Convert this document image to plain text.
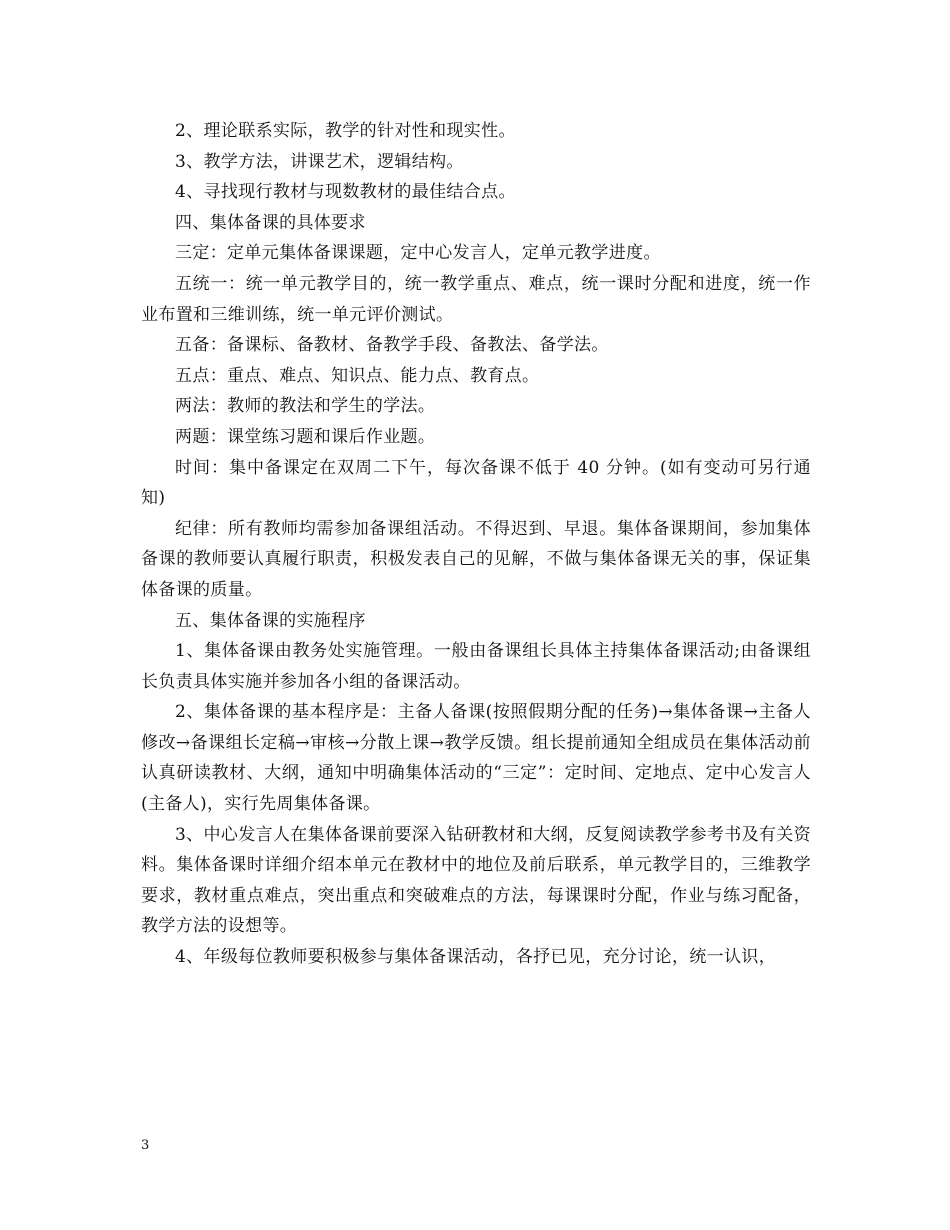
2、理论联系实际，教学的针对性和现实性。

3、教学方法，讲课艺术，逻辑结构。

4、寻找现行教材与现数教材的最佳结合点。

四、集体备课的具体要求

三定：定单元集体备课课题，定中心发言人，定单元教学进度。

五统一：统一单元教学目的，统一教学重点、难点，统一课时分配和进度，统一作业布置和三维训练，统一单元评价测试。

五备：备课标、备教材、备教学手段、备教法、备学法。

五点：重点、难点、知识点、能力点、教育点。

两法：教师的教法和学生的学法。

两题：课堂练习题和课后作业题。

时间：集中备课定在双周二下午，每次备课不低于 40 分钟。(如有变动可另行通知)

纪律：所有教师均需参加备课组活动。不得迟到、早退。集体备课期间，参加集体备课的教师要认真履行职责，积极发表自己的见解，不做与集体备课无关的事，保证集体备课的质量。

五、集体备课的实施程序

1、集体备课由教务处实施管理。一般由备课组长具体主持集体备课活动;由备课组长负责具体实施并参加各小组的备课活动。

2、集体备课的基本程序是：主备人备课(按照假期分配的任务)→集体备课→主备人修改→备课组长定稿→审核→分散上课→教学反馈。组长提前通知全组成员在集体活动前认真研读教材、大纲，通知中明确集体活动的“三定”：定时间、定地点、定中心发言人(主备人)，实行先周集体备课。

3、中心发言人在集体备课前要深入钻研教材和大纲，反复阅读教学参考书及有关资料。集体备课时详细介绍本单元在教材中的地位及前后联系，单元教学目的，三维教学要求，教材重点难点，突出重点和突破难点的方法，每课课时分配，作业与练习配备，教学方法的设想等。

4、年级每位教师要积极参与集体备课活动，各抒已见，充分讨论，统一认识，

3
